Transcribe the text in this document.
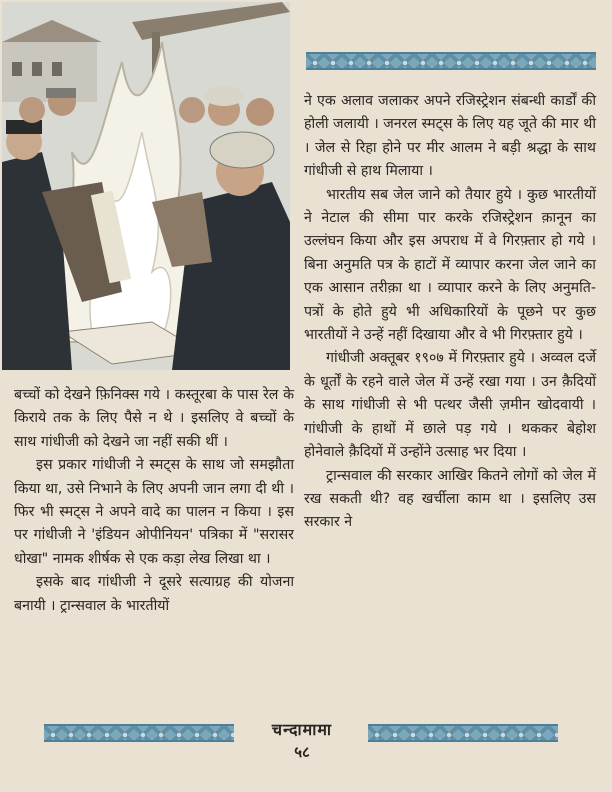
ने एक अलाव जलाकर अपने रजिस्ट्रेशन संबन्धी कार्डों की होली जलायी । जनरल स्मट्स के लिए यह जूते की मार थी । जेल से रिहा होने पर मीर आलम ने बड़ी श्रद्धा के साथ गांधीजी से हाथ मिलाया ।

भारतीय सब जेल जाने को तैयार हुये । कुछ भारतीयों ने नेटाल की सीमा पार करके रजिस्ट्रेशन क़ानून का उल्लंघन किया और इस अपराध में वे गिरफ़्तार हो गये । बिना अनुमति पत्र के हाटों में व्यापार करना जेल जाने का एक आसान तरीक़ा था । व्यापार करने के लिए अनुमति-पत्रों के होते हुये भी अधिकारियों के पूछने पर कुछ भारतीयों ने उन्हें नहीं दिखाया और वे भी गिरफ़्तार हुये ।

गांधीजी अक्तूबर १९०७ में गिरफ़्तार हुये । अव्वल दर्जे के धूर्तों के रहने वाले जेल में उन्हें रखा गया । उन क़ैदियों के साथ गांधीजी से भी पत्थर जैसी ज़मीन खोदवायी । गांधीजी के हाथों में छाले पड़ गये । थककर बेहोश होनेवाले क़ैदियों में उन्होंने उत्साह भर दिया ।

ट्रान्सवाल की सरकार आखिर कितने लोगों को जेल में रख सकती थी? वह खर्चीला काम था । इसलिए उस सरकार ने

बच्चों को देखने फ़िनिक्स गये । कस्तूरबा के पास रेल के किराये तक के लिए पैसे न थे । इसलिए वे बच्चों के साथ गांधीजी को देखने जा नहीं सकी थीं ।

इस प्रकार गांधीजी ने स्मट्स के साथ जो समझौता किया था, उसे निभाने के लिए अपनी जान लगा दी थी । फिर भी स्मट्स ने अपने वादे का पालन न किया । इस पर गांधीजी ने 'इंडियन ओपीनियन' पत्रिका में "सरासर धोखा" नामक शीर्षक से एक कड़ा लेख लिखा था ।

इसके बाद गांधीजी ने दूसरे सत्याग्रह की योजना बनायी । ट्रान्सवाल के भारतीयों

चन्दामामा
५८
